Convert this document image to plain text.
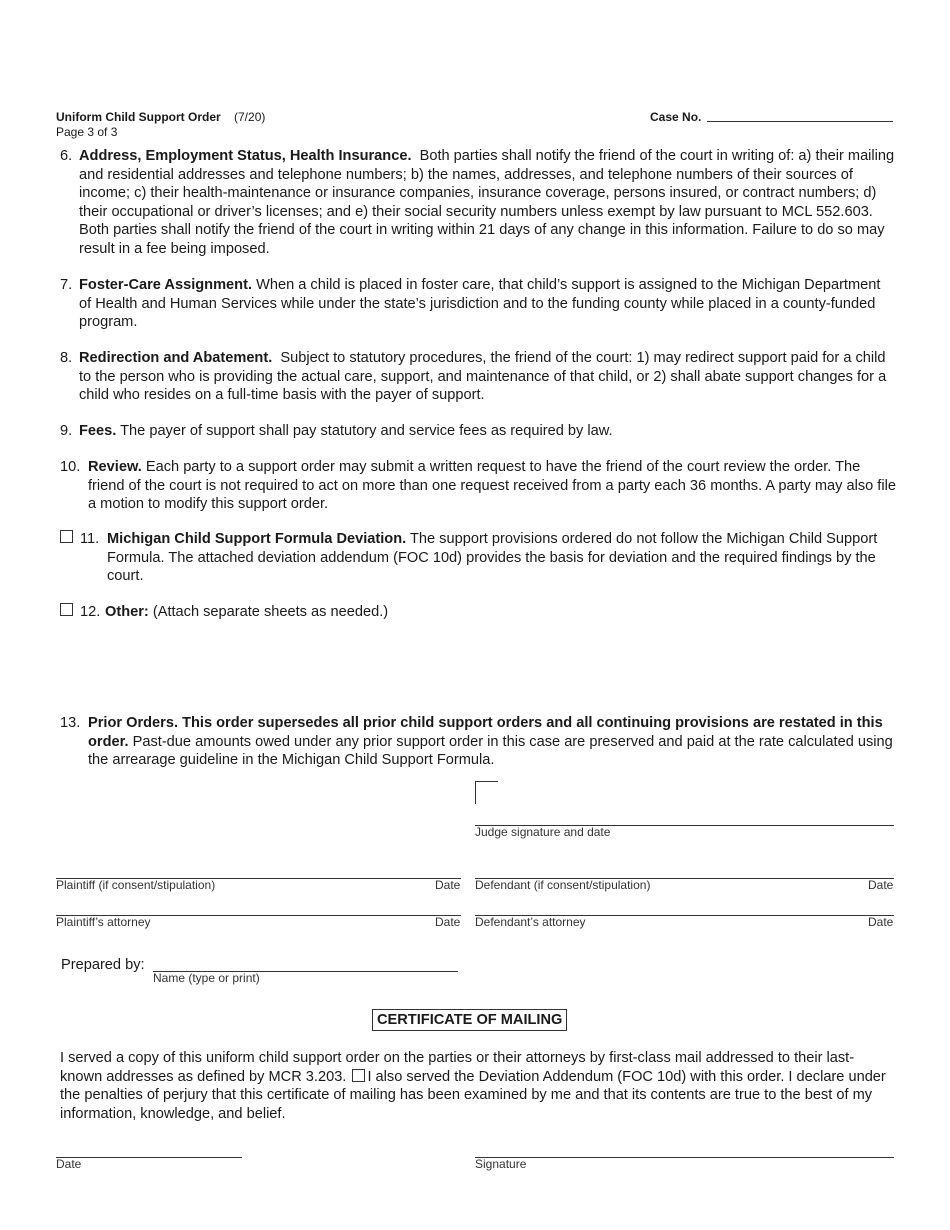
Uniform Child Support Order (7/20)
Page 3 of 3
Case No.
6. Address, Employment Status, Health Insurance. Both parties shall notify the friend of the court in writing of: a) their mailing and residential addresses and telephone numbers; b) the names, addresses, and telephone numbers of their sources of income; c) their health-maintenance or insurance companies, insurance coverage, persons insured, or contract numbers; d) their occupational or driver’s licenses; and e) their social security numbers unless exempt by law pursuant to MCL 552.603. Both parties shall notify the friend of the court in writing within 21 days of any change in this information. Failure to do so may result in a fee being imposed.
7. Foster-Care Assignment. When a child is placed in foster care, that child’s support is assigned to the Michigan Department of Health and Human Services while under the state’s jurisdiction and to the funding county while placed in a county-funded program.
8. Redirection and Abatement. Subject to statutory procedures, the friend of the court: 1) may redirect support paid for a child to the person who is providing the actual care, support, and maintenance of that child, or 2) shall abate support changes for a child who resides on a full-time basis with the payer of support.
9. Fees. The payer of support shall pay statutory and service fees as required by law.
10. Review. Each party to a support order may submit a written request to have the friend of the court review the order. The friend of the court is not required to act on more than one request received from a party each 36 months. A party may also file a motion to modify this support order.
11. Michigan Child Support Formula Deviation. The support provisions ordered do not follow the Michigan Child Support Formula. The attached deviation addendum (FOC 10d) provides the basis for deviation and the required findings by the court.
12. Other: (Attach separate sheets as needed.)
13. Prior Orders. This order supersedes all prior child support orders and all continuing provisions are restated in this order. Past-due amounts owed under any prior support order in this case are preserved and paid at the rate calculated using the arrearage guideline in the Michigan Child Support Formula.
Judge signature and date
Plaintiff (if consent/stipulation)	Date Defendant (if consent/stipulation)	Date
Plaintiff’s attorney	Date Defendant’s attorney	Date
Prepared by:
Name (type or print)
CERTIFICATE OF MAILING
I served a copy of this uniform child support order on the parties or their attorneys by first-class mail addressed to their last-known addresses as defined by MCR 3.203. I also served the Deviation Addendum (FOC 10d) with this order. I declare under the penalties of perjury that this certificate of mailing has been examined by me and that its contents are true to the best of my information, knowledge, and belief.
Date	Signature
